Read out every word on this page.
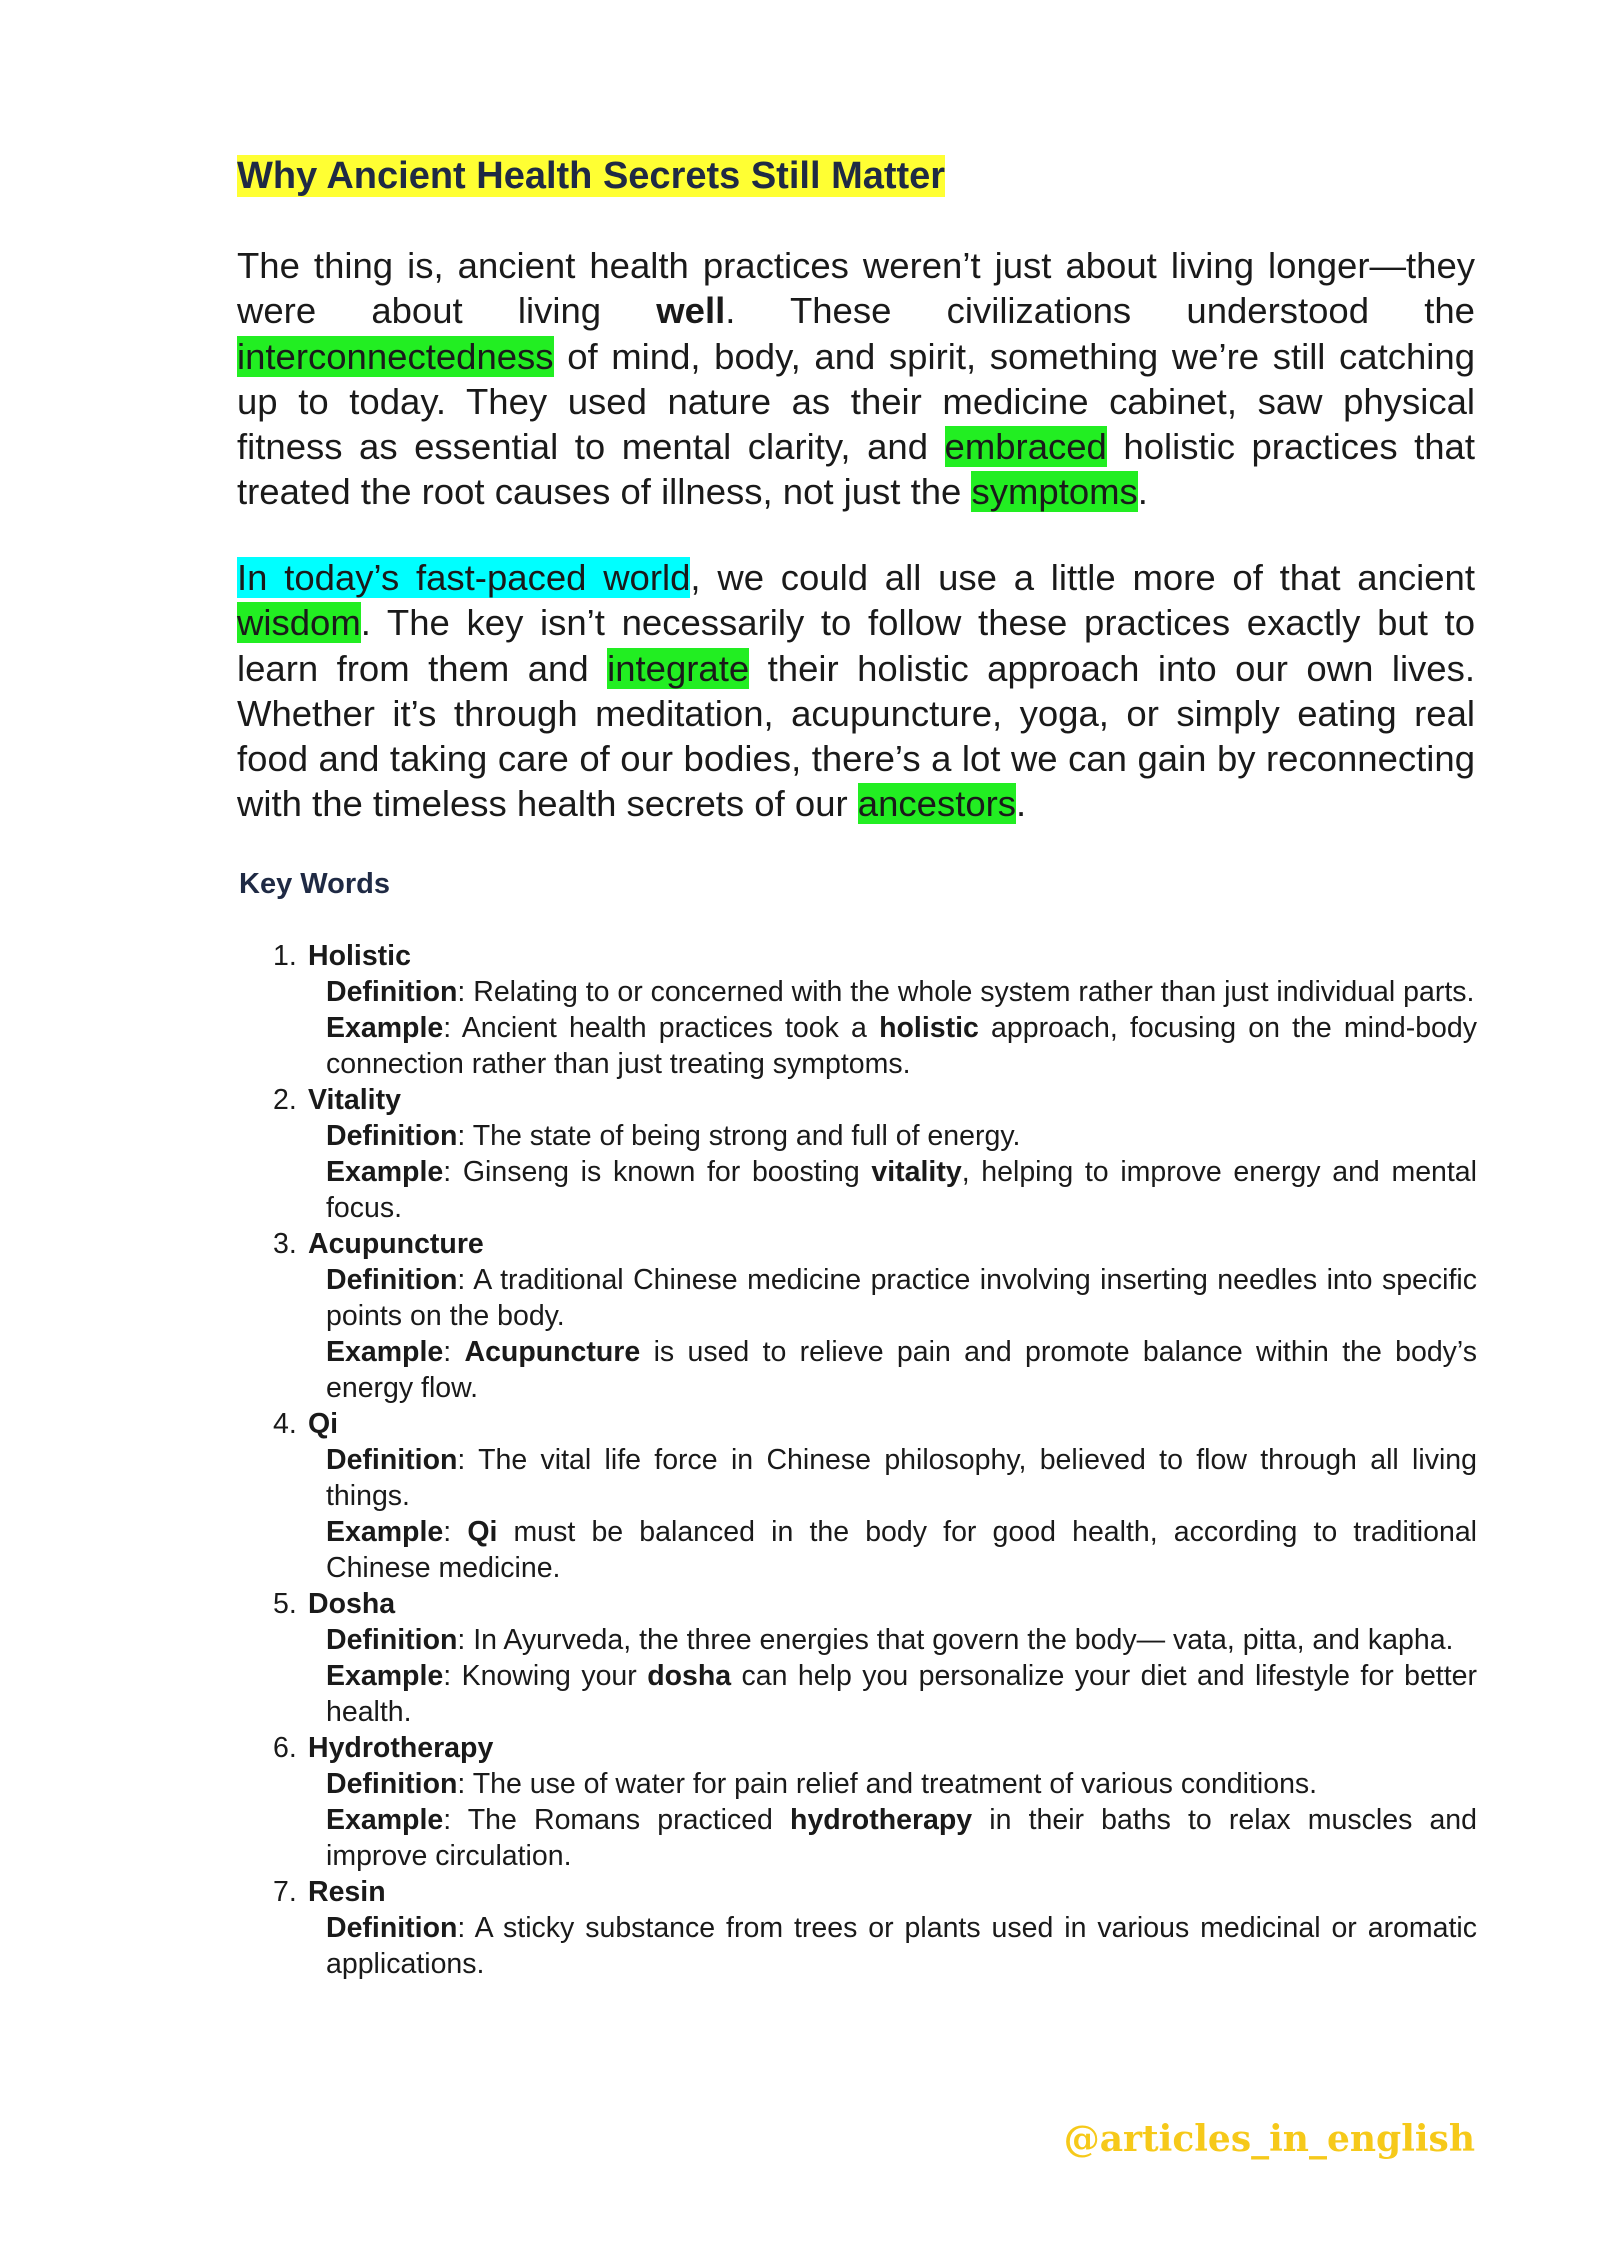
Why Ancient Health Secrets Still Matter

The thing is, ancient health practices weren’t just about living longer—they were about living well. These civilizations understood the interconnectedness of mind, body, and spirit, something we’re still catching up to today. They used nature as their medicine cabinet, saw physical fitness as essential to mental clarity, and embraced holistic practices that treated the root causes of illness, not just the symptoms.

In today’s fast-paced world, we could all use a little more of that ancient wisdom. The key isn’t necessarily to follow these practices exactly but to learn from them and integrate their holistic approach into our own lives. Whether it’s through meditation, acupuncture, yoga, or simply eating real food and taking care of our bodies, there’s a lot we can gain by reconnecting with the timeless health secrets of our ancestors.

Key Words
1. Holistic
Definition: Relating to or concerned with the whole system rather than just individual parts.
Example: Ancient health practices took a holistic approach, focusing on the mind-body connection rather than just treating symptoms.
2. Vitality
Definition: The state of being strong and full of energy.
Example: Ginseng is known for boosting vitality, helping to improve energy and mental focus.
3. Acupuncture
Definition: A traditional Chinese medicine practice involving inserting needles into specific points on the body.
Example: Acupuncture is used to relieve pain and promote balance within the body’s energy flow.
4. Qi
Definition: The vital life force in Chinese philosophy, believed to flow through all living things.
Example: Qi must be balanced in the body for good health, according to traditional Chinese medicine.
5. Dosha
Definition: In Ayurveda, the three energies that govern the body— vata, pitta, and kapha.
Example: Knowing your dosha can help you personalize your diet and lifestyle for better health.
6. Hydrotherapy
Definition: The use of water for pain relief and treatment of various conditions.
Example: The Romans practiced hydrotherapy in their baths to relax muscles and improve circulation.
7. Resin
Definition: A sticky substance from trees or plants used in various medicinal or aromatic applications.

@articles_in_english
